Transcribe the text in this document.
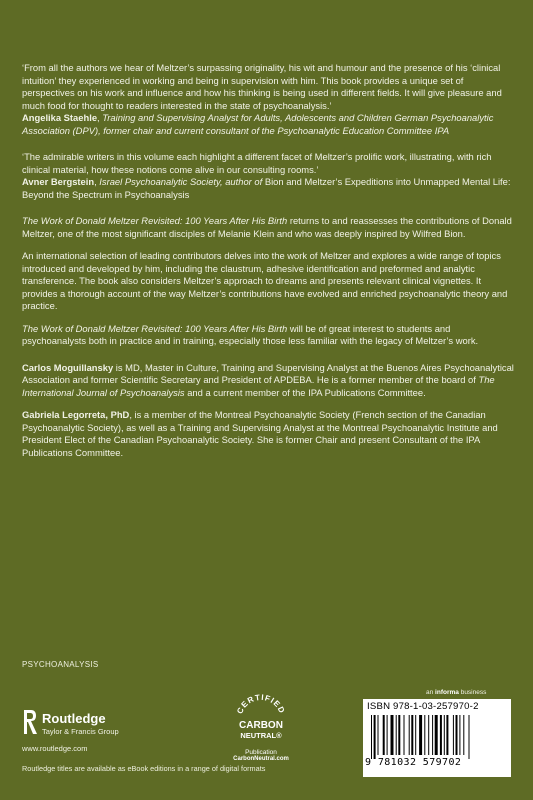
‘From all the authors we hear of Meltzer’s surpassing originality, his wit and humour and the presence of his ‘clinical intuition’ they experienced in working and being in supervision with him. This book provides a unique set of perspectives on his work and influence and how his thinking is being used in different fields. It will give pleasure and much food for thought to readers interested in the state of psychoanalysis.’
Angelika Staehle, Training and Supervising Analyst for Adults, Adolescents and Children German Psychoanalytic Association (DPV), former chair and current consultant of the Psychoanalytic Education Committee IPA
‘The admirable writers in this volume each highlight a different facet of Meltzer’s prolific work, illustrating, with rich clinical material, how these notions come alive in our consulting rooms.’
Avner Bergstein, Israel Psychoanalytic Society, author of Bion and Meltzer’s Expeditions into Unmapped Mental Life: Beyond the Spectrum in Psychoanalysis

The Work of Donald Meltzer Revisited: 100 Years After His Birth returns to and reassesses the contributions of Donald Meltzer, one of the most significant disciples of Melanie Klein and who was deeply inspired by Wilfred Bion.

An international selection of leading contributors delves into the work of Meltzer and explores a wide range of topics introduced and developed by him, including the claustrum, adhesive identification and preformed and analytic transference. The book also considers Meltzer’s approach to dreams and presents relevant clinical vignettes. It provides a thorough account of the way Meltzer’s contributions have evolved and enriched psychoanalytic theory and practice.

The Work of Donald Meltzer Revisited: 100 Years After His Birth will be of great interest to students and psychoanalysts both in practice and in training, especially those less familiar with the legacy of Meltzer’s work.

Carlos Moguillansky is MD, Master in Culture, Training and Supervising Analyst at the Buenos Aires Psychoanalytical Association and former Scientific Secretary and President of APDEBA. He is a former member of the board of The International Journal of Psychoanalysis and a current member of the IPA Publications Committee.

Gabriela Legorreta, PhD, is a member of the Montreal Psychoanalytic Society (French section of the Canadian Psychoanalytic Society), as well as a Training and Supervising Analyst at the Montreal Psychoanalytic Institute and President Elect of the Canadian Psychoanalytic Society. She is former Chair and present Consultant of the IPA Publications Committee.

PSYCHOANALYSIS
Routledge
Taylor & Francis Group
www.routledge.com
Routledge titles are available as eBook editions in a range of digital formats
CERTIFIED
CARBON
NEUTRAL®
Publication
CarbonNeutral.com
an informa business
ISBN 978-1-03-257970-2
9 781032 579702
